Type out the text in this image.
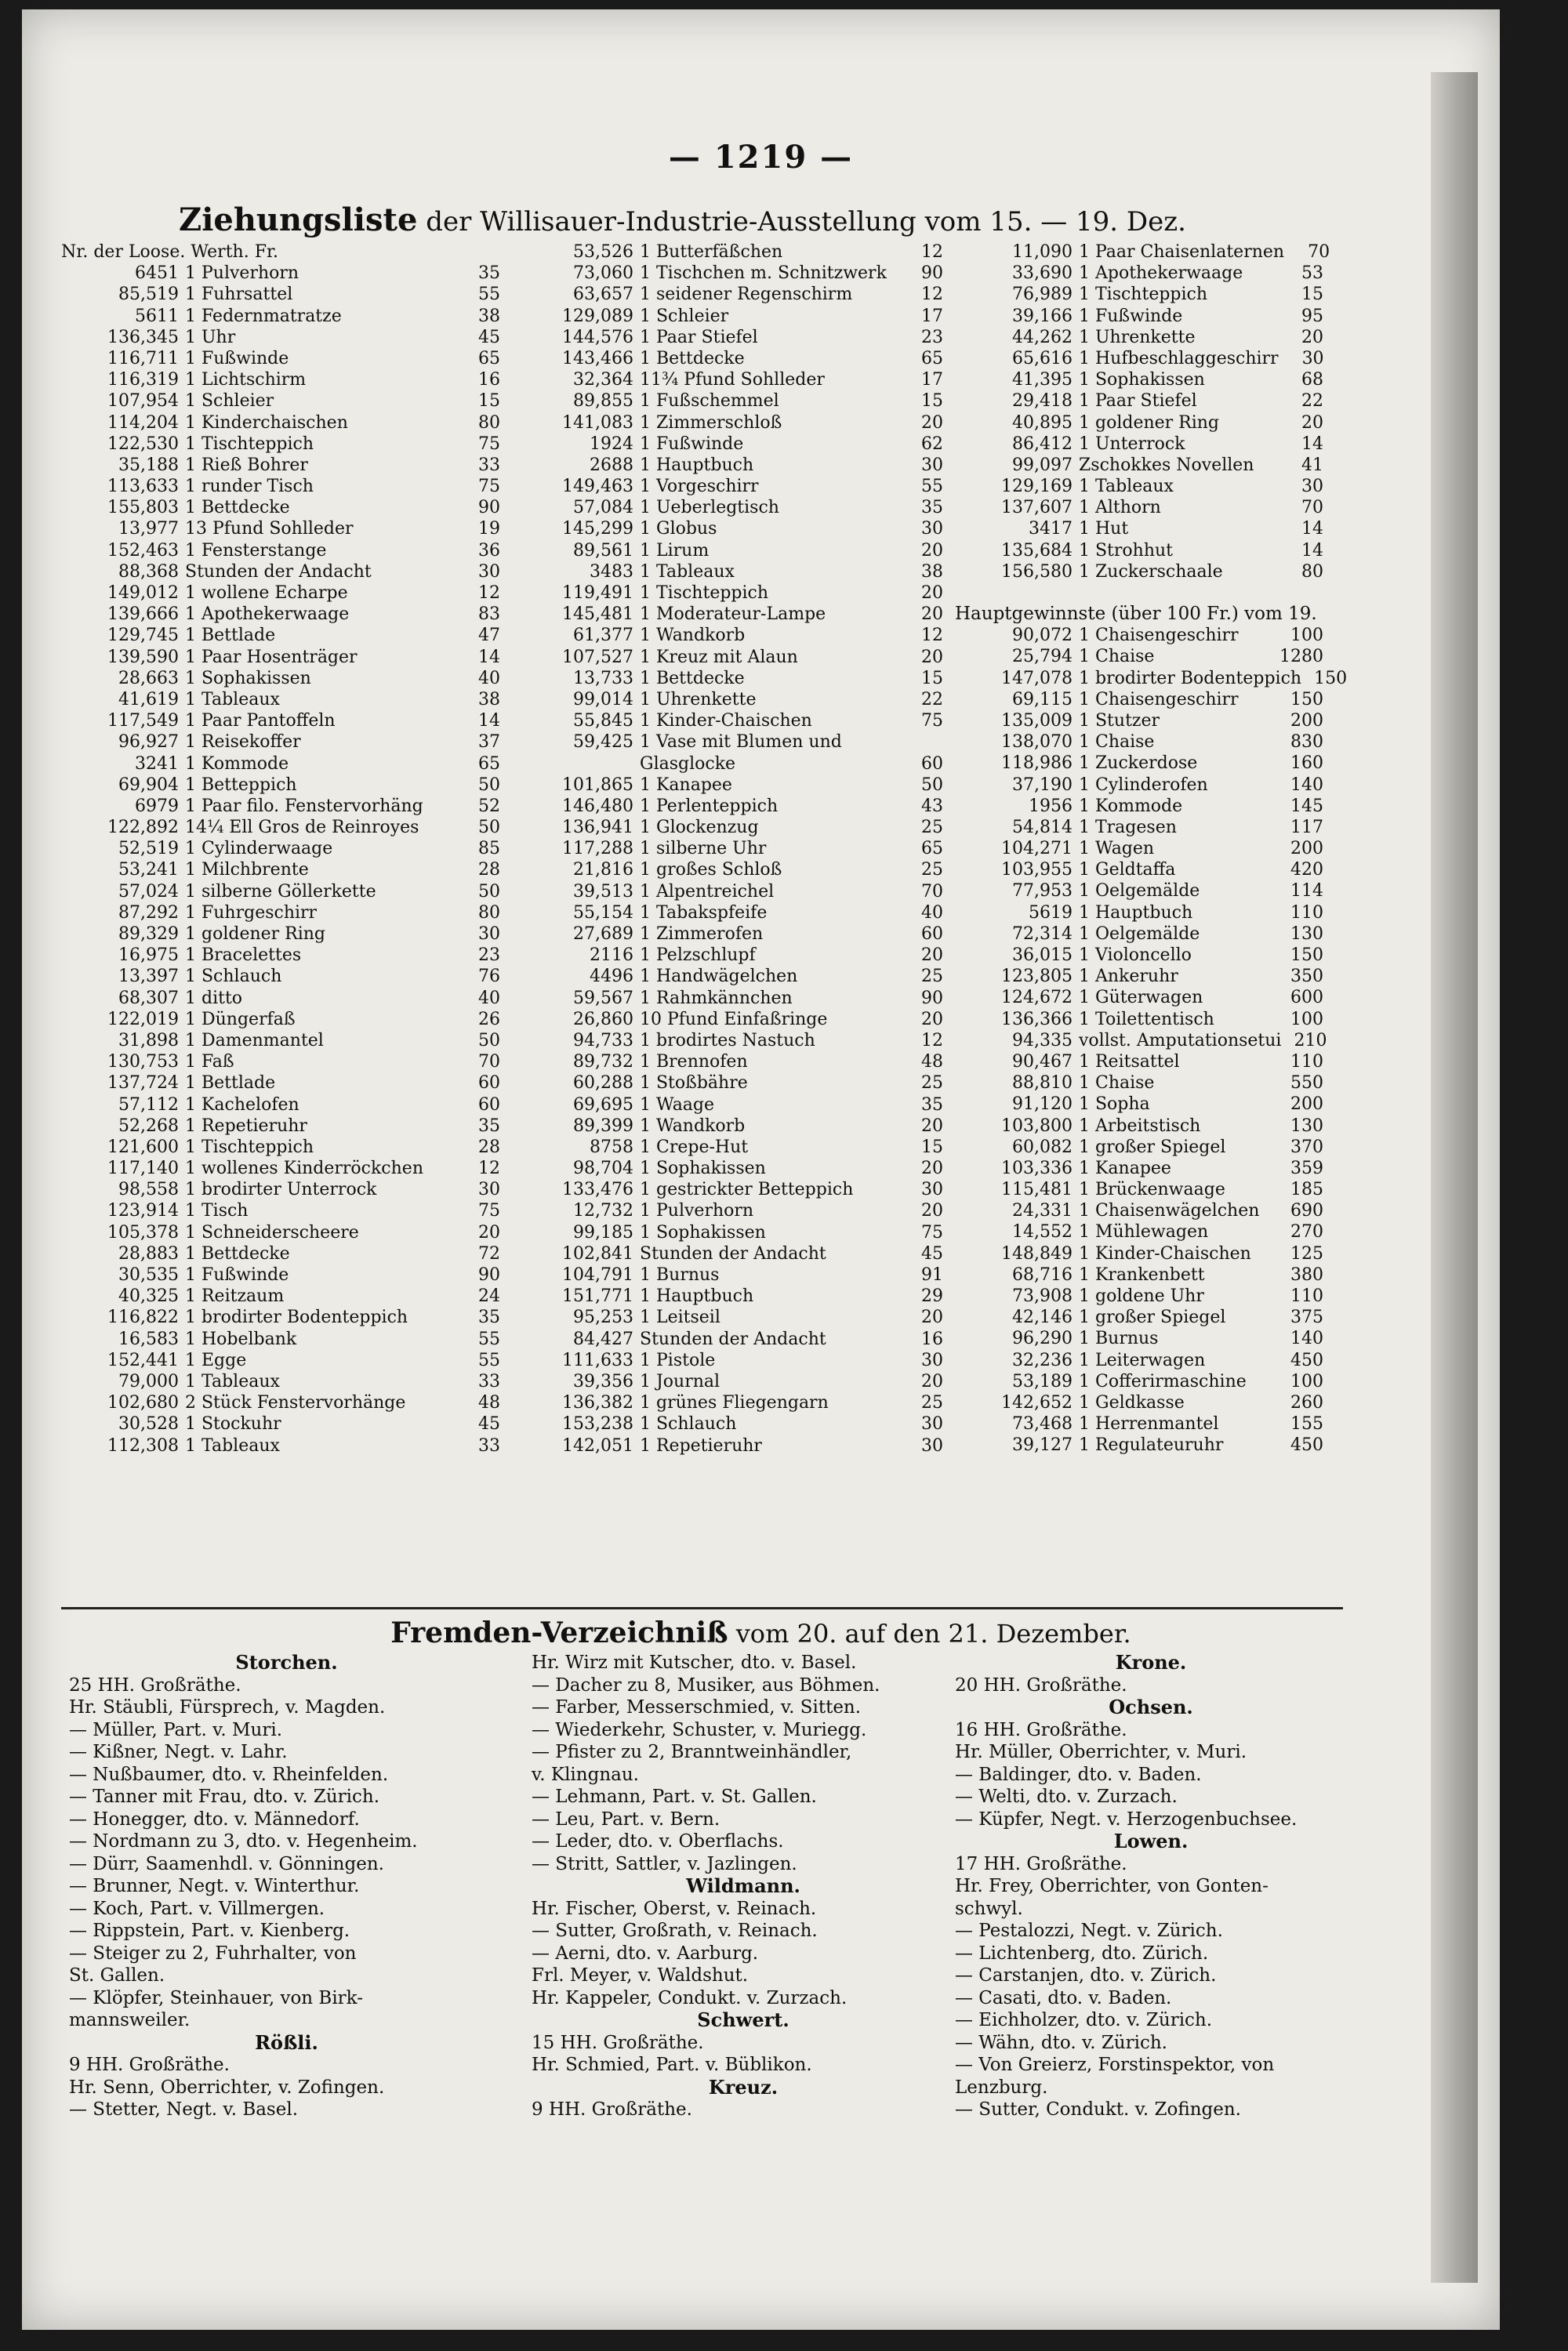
— 1219 —
Ziehungsliste der Willisauer-Industrie-Ausstellung vom 15. — 19. Dez.
Nr. der Loose. Werth. Fr.
6451 1 Pulverhorn	35
85,519 1 Fuhrsattel	55
5611 1 Federnmatratze	38
136,345 1 Uhr	45
116,711 1 Fußwinde	65
116,319 1 Lichtschirm	16
107,954 1 Schleier	15
114,204 1 Kinderchaischen	80
122,530 1 Tischteppich	75
35,188 1 Rieß Bohrer	33
113,633 1 runder Tisch	75
155,803 1 Bettdecke	90
13,977 13 Pfund Sohlleder	19
152,463 1 Fensterstange	36
88,368 Stunden der Andacht	30
149,012 1 wollene Echarpe	12
139,666 1 Apothekerwaage	83
129,745 1 Bettlade	47
139,590 1 Paar Hosenträger	14
28,663 1 Sophakissen	40
41,619 1 Tableaux	38
117,549 1 Paar Pantoffeln	14
96,927 1 Reisekoffer	37
3241 1 Kommode	65
69,904 1 Betteppich	50
6979 1 Paar filo. Fenstervorhäng	52
122,892 14¼ Ell Gros de Reinroyes	50
52,519 1 Cylinderwaage	85
53,241 1 Milchbrente	28
57,024 1 silberne Göllerkette	50
87,292 1 Fuhrgeschirr	80
89,329 1 goldener Ring	30
16,975 1 Bracelettes	23
13,397 1 Schlauch	76
68,307 1 ditto	40
122,019 1 Düngerfaß	26
31,898 1 Damenmantel	50
130,753 1 Faß	70
137,724 1 Bettlade	60
57,112 1 Kachelofen	60
52,268 1 Repetieruhr	35
121,600 1 Tischteppich	28
117,140 1 wollenes Kinderröckchen	12
98,558 1 brodirter Unterrock	30
123,914 1 Tisch	75
105,378 1 Schneiderscheere	20
28,883 1 Bettdecke	72
30,535 1 Fußwinde	90
40,325 1 Reitzaum	24
116,822 1 brodirter Bodenteppich	35
16,583 1 Hobelbank	55
152,441 1 Egge	55
79,000 1 Tableaux	33
102,680 2 Stück Fenstervorhänge	48
30,528 1 Stockuhr	45
112,308 1 Tableaux	33
53,526 1 Butterfäßchen	12
73,060 1 Tischchen m. Schnitzwerk	90
63,657 1 seidener Regenschirm	12
129,089 1 Schleier	17
144,576 1 Paar Stiefel	23
143,466 1 Bettdecke	65
32,364 11¾ Pfund Sohlleder	17
89,855 1 Fußschemmel	15
141,083 1 Zimmerschloß	20
1924 1 Fußwinde	62
2688 1 Hauptbuch	30
149,463 1 Vorgeschirr	55
57,084 1 Ueberlegtisch	35
145,299 1 Globus	30
89,561 1 Lirum	20
3483 1 Tableaux	38
119,491 1 Tischteppich	20
145,481 1 Moderateur-Lampe	20
61,377 1 Wandkorb	12
107,527 1 Kreuz mit Alaun	20
13,733 1 Bettdecke	15
99,014 1 Uhrenkette	22
55,845 1 Kinder-Chaischen	75
59,425 1 Vase mit Blumen und
Glasglocke	60
101,865 1 Kanapee	50
146,480 1 Perlenteppich	43
136,941 1 Glockenzug	25
117,288 1 silberne Uhr	65
21,816 1 großes Schloß	25
39,513 1 Alpentreichel	70
55,154 1 Tabakspfeife	40
27,689 1 Zimmerofen	60
2116 1 Pelzschlupf	20
4496 1 Handwägelchen	25
59,567 1 Rahmkännchen	90
26,860 10 Pfund Einfaßringe	20
94,733 1 brodirtes Nastuch	12
89,732 1 Brennofen	48
60,288 1 Stoßbähre	25
69,695 1 Waage	35
89,399 1 Wandkorb	20
8758 1 Crepe-Hut	15
98,704 1 Sophakissen	20
133,476 1 gestrickter Betteppich	30
12,732 1 Pulverhorn	20
99,185 1 Sophakissen	75
102,841 Stunden der Andacht	45
104,791 1 Burnus	91
151,771 1 Hauptbuch	29
95,253 1 Leitseil	20
84,427 Stunden der Andacht	16
111,633 1 Pistole	30
39,356 1 Journal	20
136,382 1 grünes Fliegengarn	25
153,238 1 Schlauch	30
142,051 1 Repetieruhr	30
11,090 1 Paar Chaisenlaternen	70
33,690 1 Apothekerwaage	53
76,989 1 Tischteppich	15
39,166 1 Fußwinde	95
44,262 1 Uhrenkette	20
65,616 1 Hufbeschlaggeschirr	30
41,395 1 Sophakissen	68
29,418 1 Paar Stiefel	22
40,895 1 goldener Ring	20
86,412 1 Unterrock	14
99,097 Zschokkes Novellen	41
129,169 1 Tableaux	30
137,607 1 Althorn	70
3417 1 Hut	14
135,684 1 Strohhut	14
156,580 1 Zuckerschaale	80
Hauptgewinnste (über 100 Fr.) vom 19.
90,072 1 Chaisengeschirr	100
25,794 1 Chaise	1280
147,078 1 brodirter Bodenteppich 150
69,115 1 Chaisengeschirr	150
135,009 1 Stutzer	200
138,070 1 Chaise	830
118,986 1 Zuckerdose	160
37,190 1 Cylinderofen	140
1956 1 Kommode	145
54,814 1 Tragesen	117
104,271 1 Wagen	200
103,955 1 Geldtaffa	420
77,953 1 Oelgemälde	114
5619 1 Hauptbuch	110
72,314 1 Oelgemälde	130
36,015 1 Violoncello	150
123,805 1 Ankeruhr	350
124,672 1 Güterwagen	600
136,366 1 Toilettentisch	100
94,335 vollst. Amputationsetui 210
90,467 1 Reitsattel	110
88,810 1 Chaise	550
91,120 1 Sopha	200
103,800 1 Arbeitstisch	130
60,082 1 großer Spiegel	370
103,336 1 Kanapee	359
115,481 1 Brückenwaage	185
24,331 1 Chaisenwägelchen	690
14,552 1 Mühlewagen	270
148,849 1 Kinder-Chaischen	125
68,716 1 Krankenbett	380
73,908 1 goldene Uhr	110
42,146 1 großer Spiegel	375
96,290 1 Burnus	140
32,236 1 Leiterwagen	450
53,189 1 Cofferirmaschine	100
142,652 1 Geldkasse	260
73,468 1 Herrenmantel	155
39,127 1 Regulateuruhr	450
Fremden-Verzeichniß vom 20. auf den 21. Dezember.
Storchen.
25 HH. Großräthe.
Hr. Stäubli, Fürsprech, v. Magden.
— Müller, Part. v. Muri.
— Kißner, Negt. v. Lahr.
— Nußbaumer, dto. v. Rheinfelden.
— Tanner mit Frau, dto. v. Zürich.
— Honegger, dto. v. Männedorf.
— Nordmann zu 3, dto. v. Hegenheim.
— Dürr, Saamenhdl. v. Gönningen.
— Brunner, Negt. v. Winterthur.
— Koch, Part. v. Villmergen.
— Rippstein, Part. v. Kienberg.
— Steiger zu 2, Fuhrhalter, von
St. Gallen.
— Klöpfer, Steinhauer, von Birk-
mannsweiler.
Rößli.
9 HH. Großräthe.
Hr. Senn, Oberrichter, v. Zofingen.
— Stetter, Negt. v. Basel.
Hr. Wirz mit Kutscher, dto. v. Basel.
— Dacher zu 8, Musiker, aus Böhmen.
— Farber, Messerschmied, v. Sitten.
— Wiederkehr, Schuster, v. Muriegg.
— Pfister zu 2, Branntweinhändler,
v. Klingnau.
— Lehmann, Part. v. St. Gallen.
— Leu, Part. v. Bern.
— Leder, dto. v. Oberflachs.
— Stritt, Sattler, v. Jazlingen.
Wildmann.
Hr. Fischer, Oberst, v. Reinach.
— Sutter, Großrath, v. Reinach.
— Aerni, dto. v. Aarburg.
Frl. Meyer, v. Waldshut.
Hr. Kappeler, Condukt. v. Zurzach.
Schwert.
15 HH. Großräthe.
Hr. Schmied, Part. v. Büblikon.
Kreuz.
9 HH. Großräthe.
Krone.
20 HH. Großräthe.
Ochsen.
16 HH. Großräthe.
Hr. Müller, Oberrichter, v. Muri.
— Baldinger, dto. v. Baden.
— Welti, dto. v. Zurzach.
— Küpfer, Negt. v. Herzogenbuchsee.
Lowen.
17 HH. Großräthe.
Hr. Frey, Oberrichter, von Gonten-
schwyl.
— Pestalozzi, Negt. v. Zürich.
— Lichtenberg, dto. Zürich.
— Carstanjen, dto. v. Zürich.
— Casati, dto. v. Baden.
— Eichholzer, dto. v. Zürich.
— Wähn, dto. v. Zürich.
— Von Greierz, Forstinspektor, von
Lenzburg.
— Sutter, Condukt. v. Zofingen.
